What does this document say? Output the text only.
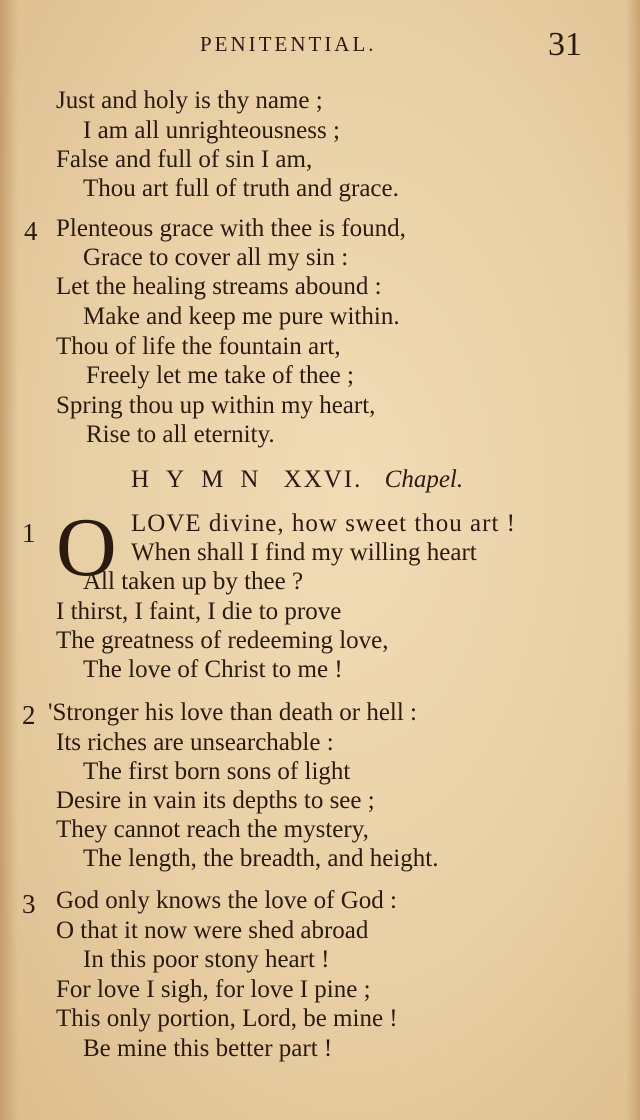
PENITENTIAL.	31
Just and holy is thy name ;
I am all unrighteousness ;
False and full of sin I am,
Thou art full of truth and grace.
4 Plenteous grace with thee is found,
Grace to cover all my sin :
Let the healing streams abound :
Make and keep me pure within.
Thou of life the fountain art,
Freely let me take of thee ;
Spring thou up within my heart,
Rise to all eternity.
HYMN XXVI. Chapel.
1 O LOVE divine, how sweet thou art !
When shall I find my willing heart
All taken up by thee ?
I thirst, I faint, I die to prove
The greatness of redeeming love,
The love of Christ to me !
2 'Stronger his love than death or hell :
Its riches are unsearchable :
The first born sons of light
Desire in vain its depths to see ;
They cannot reach the mystery,
The length, the breadth, and height.
3 God only knows the love of God :
O that it now were shed abroad
In this poor stony heart !
For love I sigh, for love I pine ;
This only portion, Lord, be mine !
Be mine this better part !
